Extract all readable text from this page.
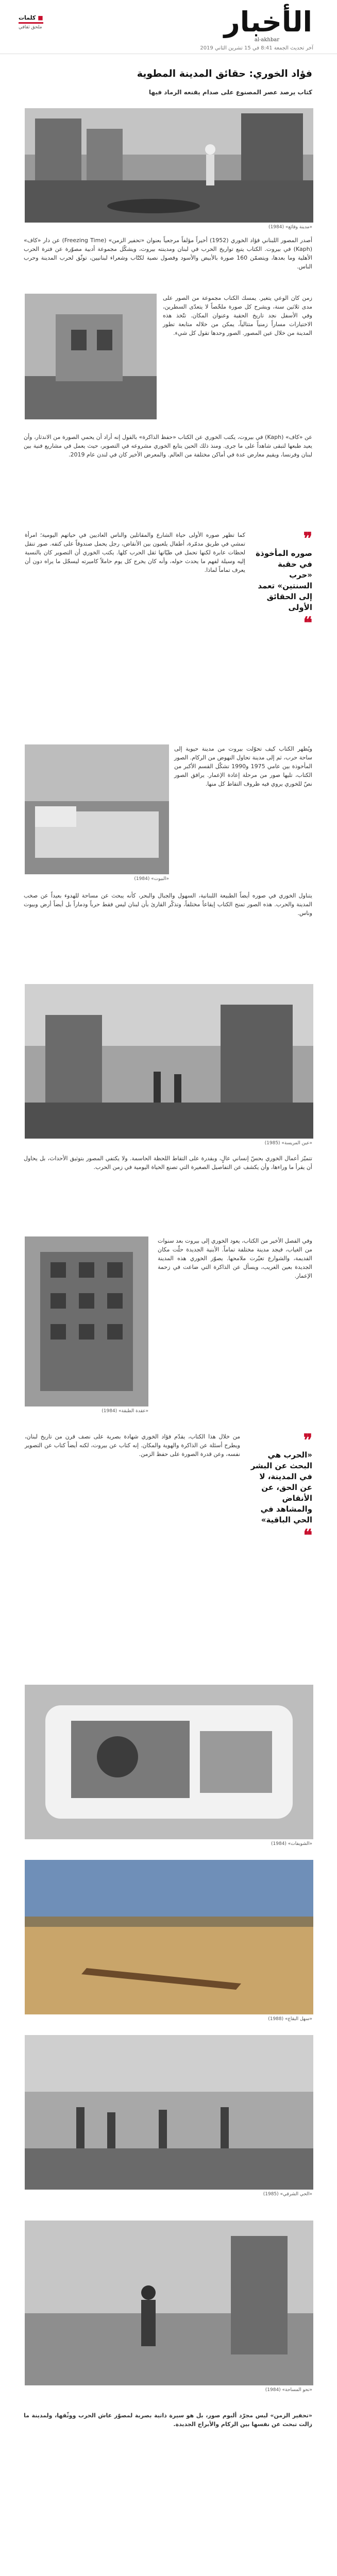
الأخبار
al-akhbar
آخر تحديث الجمعة 8:41 في 15 تشرين الثاني 2019
■ كلمات
ملحق ثقافي
فؤاد الخوري: حقائق المدينة المطوية
كتاب يرصد عصر المصنوع على صدام يقنعه الرماد فيها
«مدينة وقائع» (1984)

أصدر المصور اللبناني فؤاد الخوري (1952) أخيراً مؤلفاً مرجعياً بعنوان «تحفير الزمن» (Freezing Time) عن دار «كاف» (Kaph) في بيروت. الكتاب يتبع تواريخ الحرب في لبنان ومدينته بيروت، ويشكّل مجموعة أدبية مصوّرة عن فترة الحرب الأهلية وما بعدها، ويتضمّن 160 صورة بالأبيض والأسود وفصول نصية لكتّاب وشعراء لبنانيين، توثّق لحرب المدينة وحرب الناس.

زمن كان الوعي يتغير. يمسك الكتاب مجموعة من الصور على مدى ثلاثين سنة، ويشرح كل صورة ملخّصاً لا يتعدّى السطرين، وفي الأسفل نجد تاريخ الحقبة وعنوان المكان. تتّخذ هذه الاختيارات مساراً زمنياً متتالياً، يمكن من خلاله متابعة تطور المدينة من خلال عين المصور. الصور وحدها تقول كل شيء.

عن «كاف» (Kaph) في بيروت، يكتب الخوري عن الكتاب «حفظ الذاكرة» بالقول إنه أراد أن يحمي الصورة من الاندثار، وأن يعيد طبعها لتبقى شاهداً على ما جرى. ومنذ ذلك الحين يتابع الخوري مشروعه في التصوير، حيث يعمل في مشاريع فنية بين لبنان وفرنسا، ويقيم معارض عدة في أماكن مختلفة من العالم. والمعرض الأخير كان في لندن عام 2019.

❞
صوره المأخوذة في حقبة «حرب السنتين» تعمد إلى الحقائق الأولى
❝

كما تظهر صوره الأولى حياة الشارع والمقاتلين والناس العاديين في حياتهم اليومية؛ امرأة تمشي في طريق مدمّرة، أطفال يلعبون بين الأنقاض، رجل يحمل صندوقاً على كتفه. صور تنقل لحظات عابرة لكنها تحمل في طيّاتها ثقل الحرب كلها. يكتب الخوري أن التصوير كان بالنسبة إليه وسيلة لفهم ما يحدث حوله، وأنه كان يخرج كل يوم حاملاً كاميرته ليسجّل ما يراه دون أن يعرف تماماً لماذا.

«البيوت» (1984)

ويُظهر الكتاب كيف تحوّلت بيروت من مدينة حيوية إلى ساحة حرب، ثم إلى مدينة تحاول النهوض من الركام. الصور المأخوذة بين عامي 1975 و1990 تشكّل القسم الأكبر من الكتاب، تليها صور من مرحلة إعادة الإعمار. يرافق الصور نصّ للخوري يروي فيه ظروف التقاط كل منها.

يتناول الخوري في صوره أيضاً الطبيعة اللبنانية، السهول والجبال والبحر، كأنه يبحث عن مساحة للهدوء بعيداً عن صخب المدينة والحرب. هذه الصور تمنح الكتاب إيقاعاً مختلفاً، وتذكّر القارئ بأن لبنان ليس فقط حرباً ودماراً بل أيضاً أرض وبيوت وناس.

«عين المريسة» (1985)

تتميّز أعمال الخوري بحسّ إنساني عالٍ، وبقدرة على التقاط اللحظة الحاسمة. ولا يكتفي المصور بتوثيق الأحداث، بل يحاول أن يقرأ ما وراءها، وأن يكشف عن التفاصيل الصغيرة التي تصنع الحياة اليومية في زمن الحرب.

«عقدة الطبقة» (1984)

وفي الفصل الأخير من الكتاب، يعود الخوري إلى بيروت بعد سنوات من الغياب، فيجد مدينة مختلفة تماماً. الأبنية الجديدة حلّت مكان القديمة، والشوارع تغيّرت ملامحها. يصوّر الخوري هذه المدينة الجديدة بعين الغريب، ويسأل عن الذاكرة التي ضاعت في زحمة الإعمار.

❞
«الحرب هي البحث عن البشر في المدينة، لا عن الحق، عن الأنقاض والمشاهد في الحي الباقية»
❝

من خلال هذا الكتاب، يقدّم فؤاد الخوري شهادة بصرية على نصف قرن من تاريخ لبنان، ويطرح أسئلة عن الذاكرة والهوية والمكان. إنه كتاب عن بيروت، لكنه أيضاً كتاب عن التصوير نفسه، وعن قدرة الصورة على حفظ الزمن.

«الشويفات» (1984)
«سهل البقاع» (1988)
«الحي الشرقي» (1985)
«نحو المساحة» (1984)

«تحفير الزمن» ليس مجرّد ألبوم صور، بل هو سيرة ذاتية بصرية لمصوّر عاش الحرب ووثّقها، ولمدينة ما زالت تبحث عن نفسها بين الركام والأبراج الجديدة.
